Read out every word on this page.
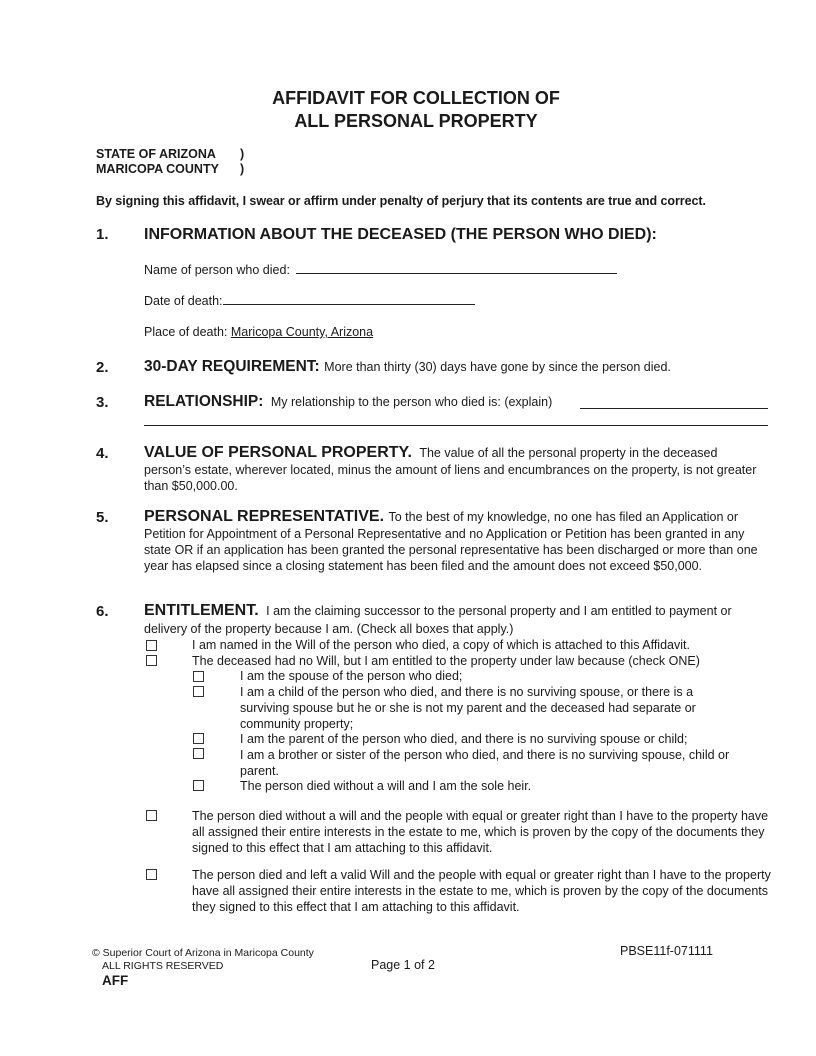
AFFIDAVIT FOR COLLECTION OF
ALL PERSONAL PROPERTY
STATE OF ARIZONA )
MARICOPA COUNTY )
By signing this affidavit, I swear or affirm under penalty of perjury that its contents are true and correct.
1. INFORMATION ABOUT THE DECEASED (THE PERSON WHO DIED):
Name of person who died:
Date of death:
Place of death: Maricopa County, Arizona
2. 30-DAY REQUIREMENT: More than thirty (30) days have gone by since the person died.
3. RELATIONSHIP: My relationship to the person who died is: (explain)
4. VALUE OF PERSONAL PROPERTY. The value of all the personal property in the deceased
person’s estate, wherever located, minus the amount of liens and encumbrances on the property, is not greater than $50,000.00.
5. PERSONAL REPRESENTATIVE. To the best of my knowledge, no one has filed an Application or
Petition for Appointment of a Personal Representative and no Application or Petition has been granted in any state OR if an application has been granted the personal representative has been discharged or more than one year has elapsed since a closing statement has been filed and the amount does not exceed $50,000.
6. ENTITLEMENT. I am the claiming successor to the personal property and I am entitled to payment or
delivery of the property because I am. (Check all boxes that apply.)
I am named in the Will of the person who died, a copy of which is attached to this Affidavit.
The deceased had no Will, but I am entitled to the property under law because (check ONE)
I am the spouse of the person who died;
I am a child of the person who died, and there is no surviving spouse, or there is a surviving spouse but he or she is not my parent and the deceased had separate or community property;
I am the parent of the person who died, and there is no surviving spouse or child;
I am a brother or sister of the person who died, and there is no surviving spouse, child or parent.
The person died without a will and I am the sole heir.
The person died without a will and the people with equal or greater right than I have to the property have all assigned their entire interests in the estate to me, which is proven by the copy of the documents they signed to this effect that I am attaching to this affidavit.
The person died and left a valid Will and the people with equal or greater right than I have to the property have all assigned their entire interests in the estate to me, which is proven by the copy of the documents they signed to this effect that I am attaching to this affidavit.
© Superior Court of Arizona in Maricopa County
ALL RIGHTS RESERVED
AFF
Page 1 of 2
PBSE11f-071111
